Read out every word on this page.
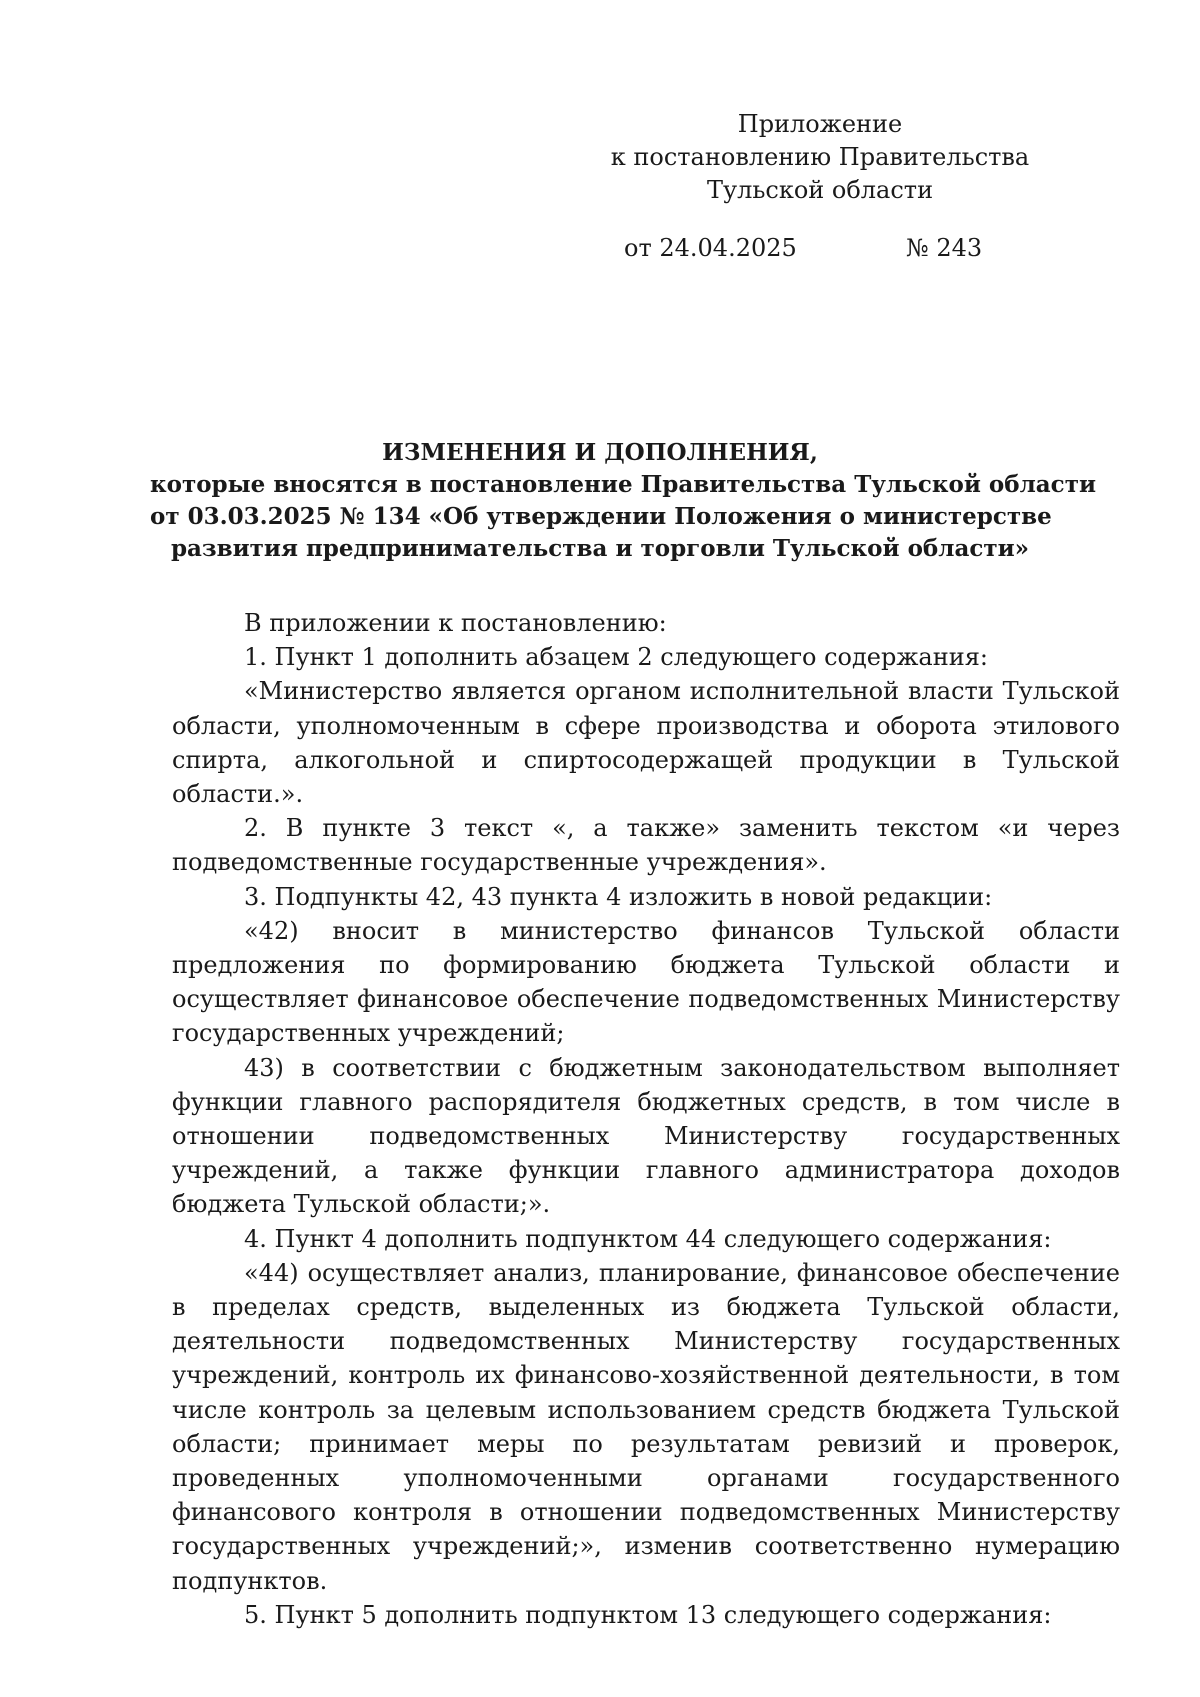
Приложение
к постановлению Правительства
Тульской области
от 24.04.2025	№ 243
ИЗМЕНЕНИЯ И ДОПОЛНЕНИЯ,
которые вносятся в постановление Правительства Тульской области
от 03.03.2025 № 134 «Об утверждении Положения о министерстве
развития предпринимательства и торговли Тульской области»

В приложении к постановлению:

1. Пункт 1 дополнить абзацем 2 следующего содержания:

«Министерство является органом исполнительной власти Тульской области, уполномоченным в сфере производства и оборота этилового спирта, алкогольной и спиртосодержащей продукции в Тульской области.».

2. В пункте 3 текст «, а также» заменить текстом «и через подведомственные государственные учреждения».

3. Подпункты 42, 43 пункта 4 изложить в новой редакции:

«42) вносит в министерство финансов Тульской области предложения по формированию бюджета Тульской области и осуществляет финансовое обеспечение подведомственных Министерству государственных учреждений;

43) в соответствии с бюджетным законодательством выполняет функции главного распорядителя бюджетных средств, в том числе в отношении подведомственных Министерству государственных учреждений, а также функции главного администратора доходов бюджета Тульской области;».

4. Пункт 4 дополнить подпунктом 44 следующего содержания:

«44) осуществляет анализ, планирование, финансовое обеспечение в пределах средств, выделенных из бюджета Тульской области, деятельности подведомственных Министерству государственных учреждений, контроль их финансово-хозяйственной деятельности, в том числе контроль за целевым использованием средств бюджета Тульской области; принимает меры по результатам ревизий и проверок, проведенных уполномоченными органами государственного финансового контроля в отношении подведомственных Министерству государственных учреждений;», изменив соответственно нумерацию подпунктов.

5. Пункт 5 дополнить подпунктом 13 следующего содержания:
